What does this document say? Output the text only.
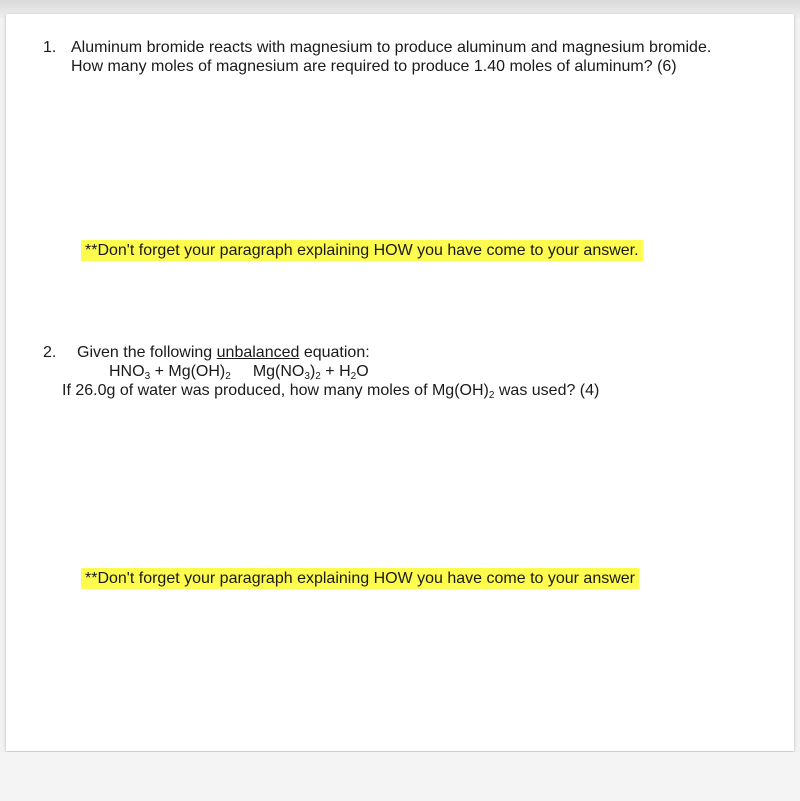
1. Aluminum bromide reacts with magnesium to produce aluminum and magnesium bromide. How many moles of magnesium are required to produce 1.40 moles of aluminum? (6)
**Don't forget your paragraph explaining HOW you have come to your answer.
2. Given the following unbalanced equation:
$HNO_3 + Mg(OH)_2$ $Mg(NO_3)_2 + H_2O$
If 26.0g of water was produced, how many moles of $Mg(OH)_2$ was used? (4)
**Don't forget your paragraph explaining HOW you have come to your answer
